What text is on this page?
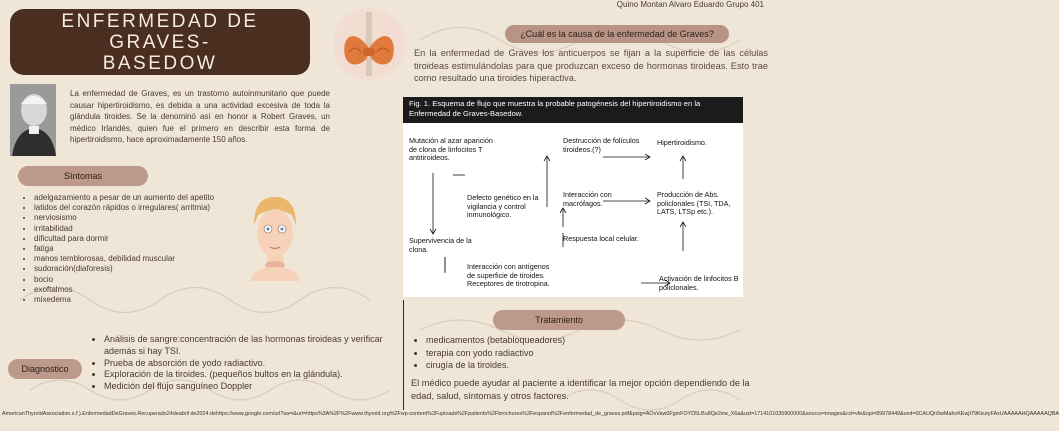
Quino Montan Alvaro Eduardo Grupo 401
ENFERMEDAD DE GRAVES-
BASEDOW
¿Cuál es la causa de la enfermedad de Graves?
En la enfermedad de Graves los anticuerpos se fijan a la superficie de las células tiroideas estimulándolas para que produzcan exceso de hormonas tiroideas. Esto trae como resultado una tiroides hiperactiva.
La enfermedad de Graves, es un trastorno autoinmunitario que puede causar hipertiroidismo, es debida a una actividad excesiva de toda la glándula tiroides. Se la denominó así en honor a Robert Graves, un médico Irlandés, quien fue el primero en describir esta forma de hipertiroidismo, hace aproximadamente 150 años.
Síntomas
• adelgazamiento a pesar de un aumento del apetito
• latidos del corazón rápidos o irregulares( arritmia)
• nerviosismo
• irritabilidad
• dificultad para dormir
• fatiga
• manos temblorosas, debilidad muscular
• sudoración(diaforesis)
• bocio
• exoftalmos
• mixedema
Fig. 1. Esquema de flujo que muestra la probable patogénesis del hipertiroidismo en la Enfermedad de Graves-Basedow.
Mutación al azar aparición de clona de linfocitos T antitiroideos.
Defecto genético en la vigilancia y control inmunológico.
Supervivencia de la clona.
Interacción con antígenos de superficie de tiroides. Receptores de tirotropina.
Destrucción de folículos tiroideos.(?)
Interacción con macrófagos.
Respuesta local celular.
Hipertiroidismo.
Producción de Abs. policlonales (TSI, TDA, LATS, LTSp etc.).
Activación de linfocitos B policlonales.
Diagnostico
• Análisis de sangre:concentración de las hormonas tiroideas y verificar además si hay TSI.
• Prueba de absorción de yodo radiactivo.
• Exploración de la tiroides. (pequeños bultos en la glándula).
• Medición del flujo sanguíneo Doppler
Tratamiento
• medicamentos (betabloqueadores)
• terapia con yodo radiactivo
• cirugía de la tiroides.
El médico puede ayudar al paciente a identificar la mejor opción dependiendo de la edad, salud, síntomas y otros factores.
AmericanThyroidAssociation.s.f.).EnfermedadDeGraves.Recuperado24deabril de2024.dehttps://www.google.com/url?sa=i&url=https%3A%2F%2Fwww.thyroid.org%2Fwp-content%2Fuploads%2Fpatients%2Fbrochures%2Fespanol%2Fenfermedad_de_graves.pdf&psig=AOvVaw0FgmFOYD5LBu8Qe2ew_X6a&ust=1714101035900000&source=images&cd=vfe&opi=89978449&ved=0CAUQn5wMahcKEwjI79KkutyFAxUAAAAAHQAAAAAQBA
